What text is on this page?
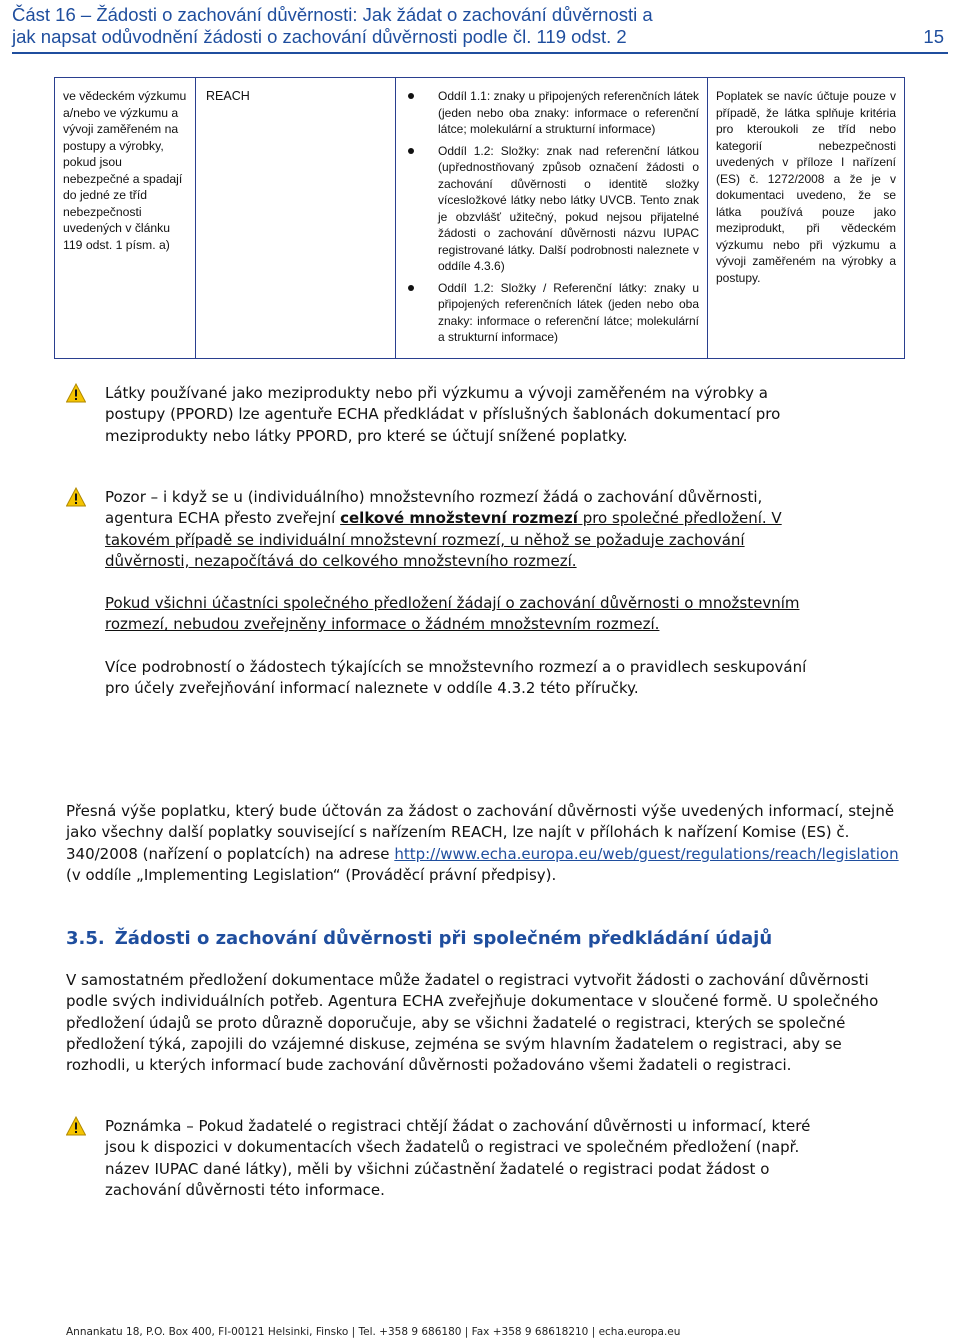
Část 16 – Žádosti o zachování důvěrnosti: Jak žádat o zachování důvěrnosti a
jak napsat odůvodnění žádosti o zachování důvěrnosti podle čl. 119 odst. 2	15
ve vědeckém výzkumu a/nebo ve výzkumu a vývoji zaměřeném na postupy a výrobky, pokud jsou nebezpečné a spadají do jedné ze tříd nebezpečnosti uvedených v článku 119 odst. 1 písm. a)
REACH	Oddíl 1.1: znaky u připojených referenčních látek (jeden nebo oba znaky: informace o referenční látce; molekulární a strukturní informace)
Oddíl 1.2: Složky: znak nad referenční látkou (upřednostňovaný způsob označení žádosti o zachování důvěrnosti o identitě složky vícesložkové látky nebo látky UVCB. Tento znak je obzvlášť užitečný, pokud nejsou přijatelné žádosti o zachování důvěrnosti názvu IUPAC registrované látky. Další podrobnosti naleznete v oddíle 4.3.6)
Oddíl 1.2: Složky / Referenční látky: znaky u připojených referenčních látek (jeden nebo oba znaky: informace o referenční látce; molekulární a strukturní informace)
Poplatek se navíc účtuje pouze v případě, že látka splňuje kritéria pro kteroukoli ze tříd nebo kategorií nebezpečnosti uvedených v příloze I nařízení (ES) č. 1272/2008 a že je v dokumentaci uvedeno, že se látka používá pouze jako meziprodukt, při vědeckém výzkumu nebo při výzkumu a vývoji zaměřeném na výrobky a postupy.

Látky používané jako meziprodukty nebo při výzkumu a vývoji zaměřeném na výrobky a postupy (PPORD) lze agentuře ECHA předkládat v příslušných šablonách dokumentací pro meziprodukty nebo látky PPORD, pro které se účtují snížené poplatky.

Pozor – i když se u (individuálního) množstevního rozmezí žádá o zachování důvěrnosti, agentura ECHA přesto zveřejní celkové množstevní rozmezí pro společné předložení. V takovém případě se individuální množstevní rozmezí, u něhož se požaduje zachování důvěrnosti, nezapočítává do celkového množstevního rozmezí.

Pokud všichni účastníci společného předložení žádají o zachování důvěrnosti o množstevním rozmezí, nebudou zveřejněny informace o žádném množstevním rozmezí.

Více podrobností o žádostech týkajících se množstevního rozmezí a o pravidlech seskupování pro účely zveřejňování informací naleznete v oddíle 4.3.2 této příručky.

Přesná výše poplatku, který bude účtován za žádost o zachování důvěrnosti výše uvedených informací, stejně jako všechny další poplatky související s nařízením REACH, lze najít v přílohách k nařízení Komise (ES) č. 340/2008 (nařízení o poplatcích) na adrese http://www.echa.europa.eu/web/guest/regulations/reach/legislation (v oddíle „Implementing Legislation“ (Prováděcí právní předpisy).

3.5. Žádosti o zachování důvěrnosti při společném předkládání údajů

V samostatném předložení dokumentace může žadatel o registraci vytvořit žádosti o zachování důvěrnosti podle svých individuálních potřeb. Agentura ECHA zveřejňuje dokumentace v sloučené formě. U společného předložení údajů se proto důrazně doporučuje, aby se všichni žadatelé o registraci, kterých se společné předložení týká, zapojili do vzájemné diskuse, zejména se svým hlavním žadatelem o registraci, aby se rozhodli, u kterých informací bude zachování důvěrnosti požadováno všemi žadateli o registraci.

Poznámka – Pokud žadatelé o registraci chtějí žádat o zachování důvěrnosti u informací, které jsou k dispozici v dokumentacích všech žadatelů o registraci ve společném předložení (např. název IUPAC dané látky), měli by všichni zúčastnění žadatelé o registraci podat žádost o zachování důvěrnosti této informace.

Annankatu 18, P.O. Box 400, FI-00121 Helsinki, Finsko | Tel. +358 9 686180 | Fax +358 9 68618210 | echa.europa.eu
